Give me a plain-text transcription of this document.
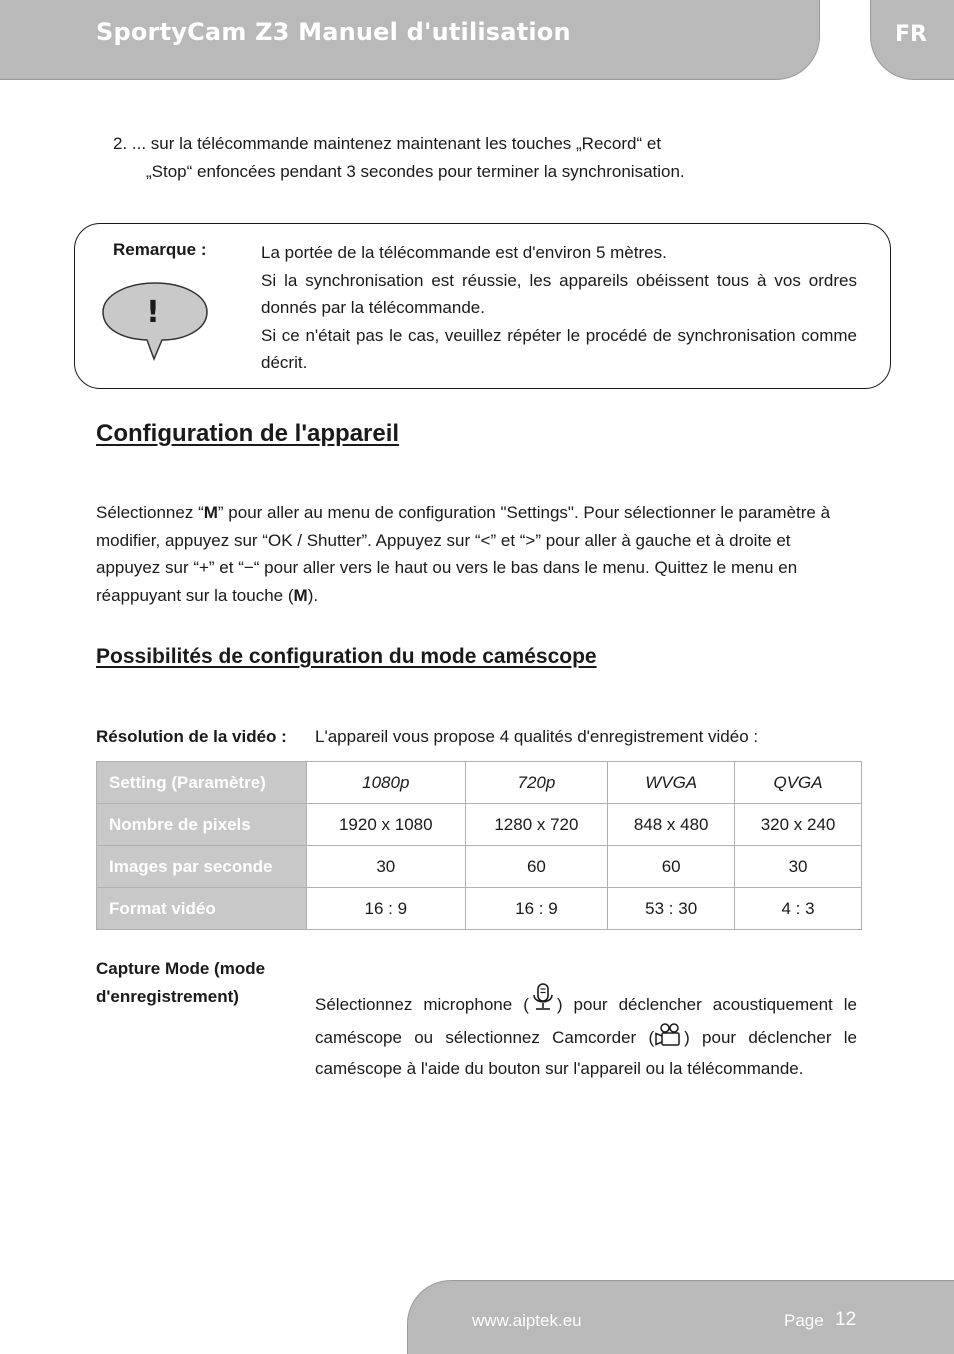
SportyCam Z3 Manuel d'utilisation	FR
2. ... sur la télécommande maintenez maintenant les touches „Record“ et
„Stop“ enfoncées pendant 3 secondes pour terminer la synchronisation.
Remarque :
!
La portée de la télécommande est d'environ 5 mètres.
Si la synchronisation est réussie, les appareils obéissent tous à vos ordres donnés par la télécommande.
Si ce n'était pas le cas, veuillez répéter le procédé de synchronisation comme décrit.
Configuration de l'appareil
Sélectionnez “M” pour aller au menu de configuration "Settings". Pour sélectionner le paramètre à modifier, appuyez sur “OK / Shutter”. Appuyez sur “<” et “>” pour aller à gauche et à droite et appuyez sur “+” et “−“ pour aller vers le haut ou vers le bas dans le menu. Quittez le menu en réappuyant sur la touche (M).
Possibilités de configuration du mode caméscope
Résolution de la vidéo : L'appareil vous propose 4 qualités d'enregistrement vidéo :
Setting (Paramètre)	1080p	720p	WVGA	QVGA
Nombre de pixels	1920 x 1080	1280 x 720	848 x 480	320 x 240
Images par seconde	30	60	60	30
Format vidéo	16 : 9	16 : 9	53 : 30	4 : 3
Capture Mode (mode
d'enregistrement)	Sélectionnez microphone ( ) pour déclencher acoustiquement le caméscope ou sélectionnez Camcorder ( ) pour déclencher le caméscope à l'aide du bouton sur l'appareil ou la télécommande.
www.aiptek.eu	Page 12
